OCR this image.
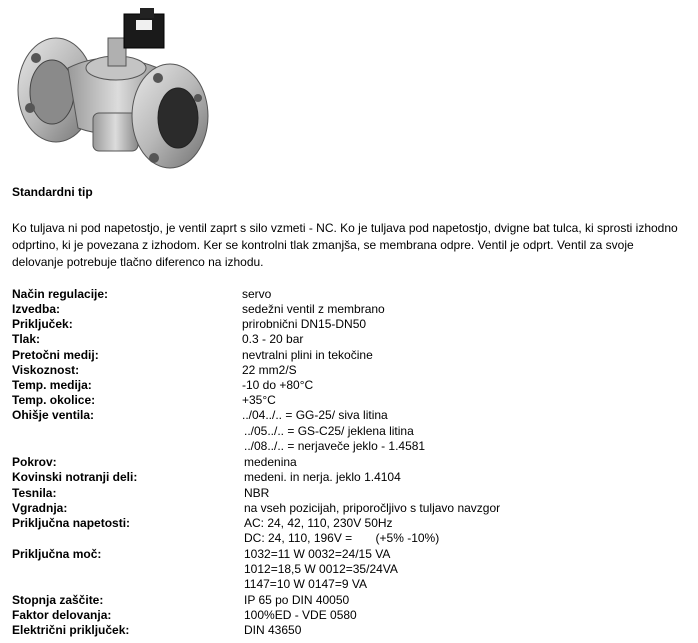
Standardni tip
Ko tuljava ni pod napetostjo, je ventil zaprt s silo vzmeti - NC. Ko je tuljava pod napetostjo, dvigne bat tulca, ki sprosti izhodno odprtino, ki je povezana z izhodom. Ker se kontrolni tlak zmanjša, se membrana odpre. Ventil je odprt. Ventil za svoje delovanje potrebuje tlačno diferenco na izhodu.
Način regulacije:	servo
Izvedba:	sedežni ventil z membrano
Priključek:	prirobnični DN15-DN50
Tlak:	0.3 - 20 bar
Pretočni medij:	nevtralni plini in tekočine
Viskoznost:	22 mm2/S
Temp. medija:	-10 do +80°C
Temp. okolice:	+35°C
Ohišje ventila:	../04../.. = GG-25/ siva litina
../05../.. = GS-C25/ jeklena litina
../08../.. = nerjaveče jeklo - 1.4581
Pokrov:	medenina
Kovinski notranji deli:	medeni. in nerja. jeklo 1.4104
Tesnila:	NBR
Vgradnja:	na vseh pozicijah, priporočljivo s tuljavo navzgor
Priključna napetosti:	AC: 24, 42, 110, 230V 50Hz
DC: 24, 110, 196V =       (+5% -10%)
Priključna moč:	1032=11 W 0032=24/15 VA
1012=18,5 W 0012=35/24VA
1147=10 W 0147=9 VA
Stopnja zaščite:	IP 65 po DIN 40050
Faktor delovanja:	100%ED - VDE 0580
Električni priključek:	DIN 43650
